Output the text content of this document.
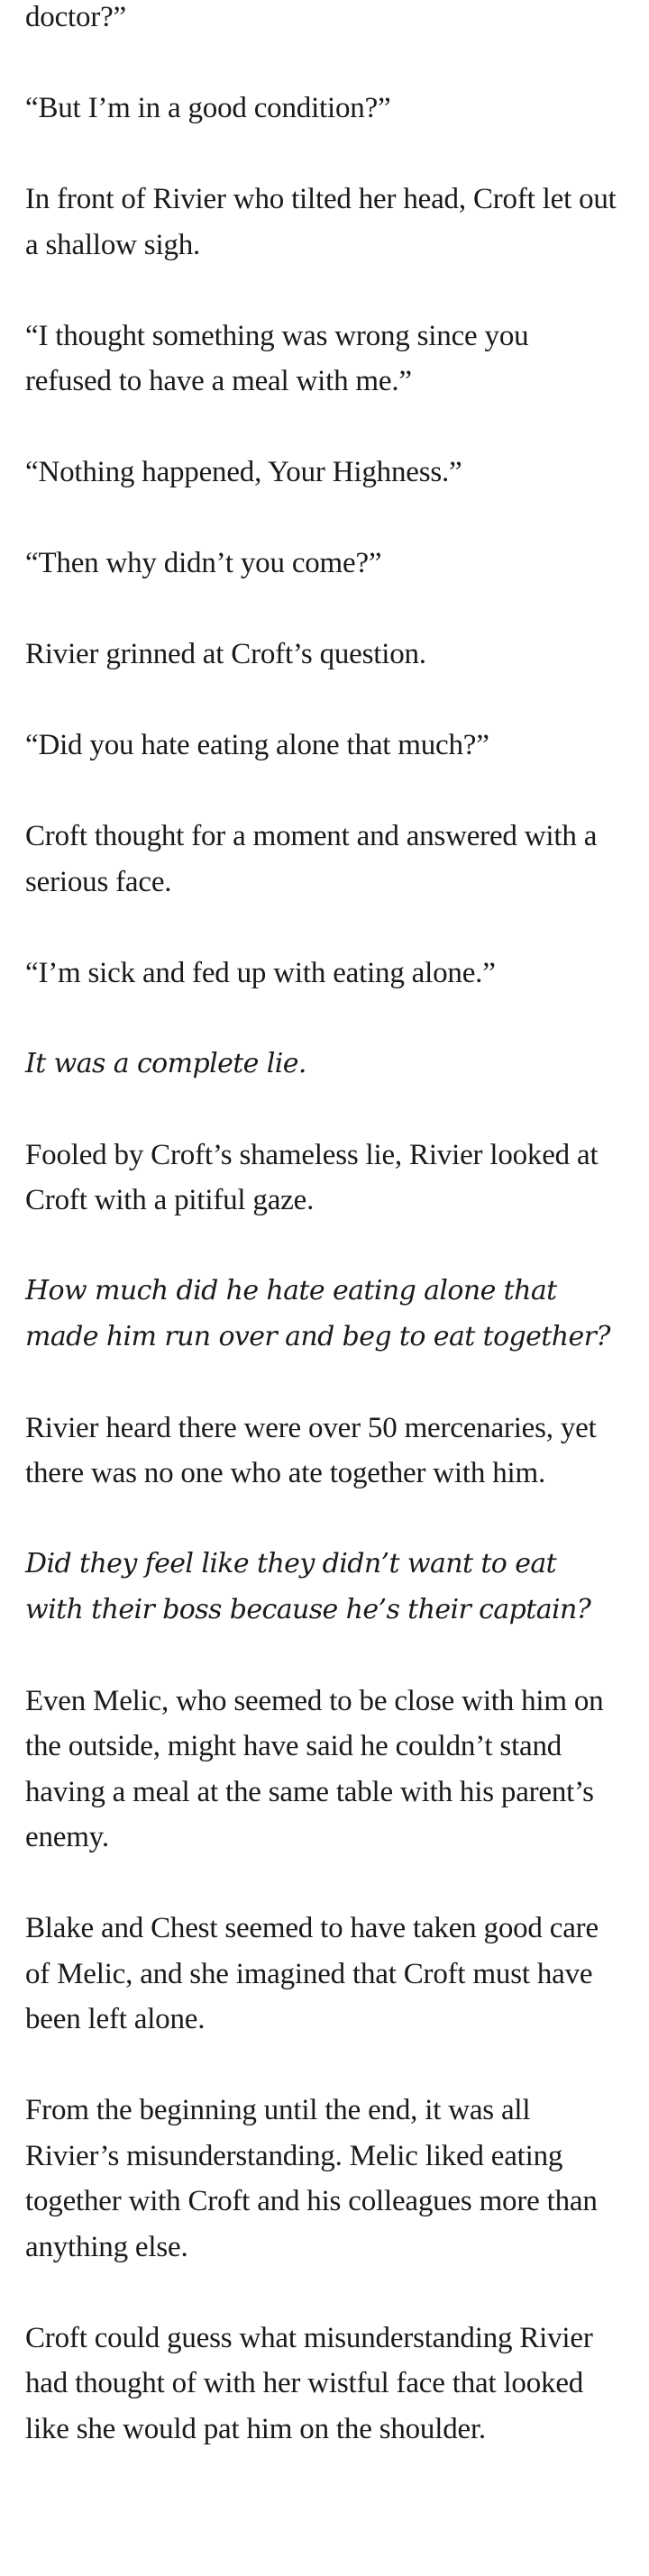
doctor?”

“But I’m in a good condition?”

In front of Rivier who tilted her head, Croft let out a shallow sigh.

“I thought something was wrong since you refused to have a meal with me.”

“Nothing happened, Your Highness.”

“Then why didn’t you come?”

Rivier grinned at Croft’s question.

“Did you hate eating alone that much?”

Croft thought for a moment and answered with a serious face.

“I’m sick and fed up with eating alone.”

It was a complete lie.

Fooled by Croft’s shameless lie, Rivier looked at Croft with a pitiful gaze.

How much did he hate eating alone that made him run over and beg to eat together?

Rivier heard there were over 50 mercenaries, yet there was no one who ate together with him.

Did they feel like they didn’t want to eat with their boss because he’s their captain?

Even Melic, who seemed to be close with him on the outside, might have said he couldn’t stand having a meal at the same table with his parent’s enemy.

Blake and Chest seemed to have taken good care of Melic, and she imagined that Croft must have been left alone.

From the beginning until the end, it was all Rivier’s misunderstanding. Melic liked eating together with Croft and his colleagues more than anything else.

Croft could guess what misunderstanding Rivier had thought of with her wistful face that looked like she would pat him on the shoulder.
